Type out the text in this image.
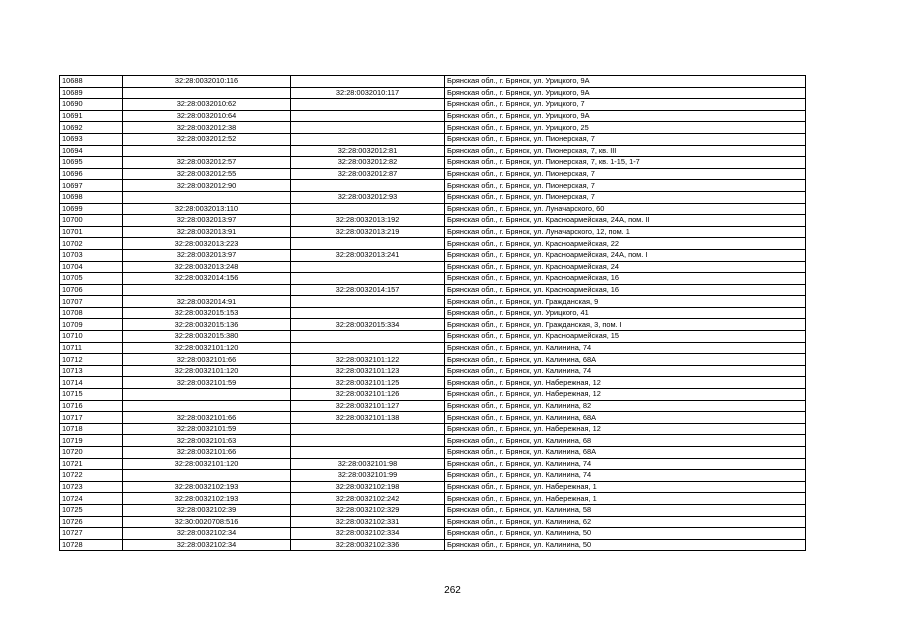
10688	32:28:0032010:116		Брянская обл., г. Брянск, ул. Урицкого, 9А
10689		32:28:0032010:117	Брянская обл., г. Брянск, ул. Урицкого, 9А
10690	32:28:0032010:62		Брянская обл., г. Брянск, ул. Урицкого, 7
10691	32:28:0032010:64		Брянская обл., г. Брянск, ул. Урицкого, 9А
10692	32:28:0032012:38		Брянская обл., г. Брянск, ул. Урицкого, 25
10693	32:28:0032012:52		Брянская обл., г. Брянск, ул. Пионерская, 7
10694		32:28:0032012:81	Брянская обл., г. Брянск, ул. Пионерская, 7, кв. III
10695	32:28:0032012:57	32:28:0032012:82	Брянская обл., г. Брянск, ул. Пионерская, 7, кв. 1-15, 1-7
10696	32:28:0032012:55	32:28:0032012:87	Брянская обл., г. Брянск, ул. Пионерская, 7
10697	32:28:0032012:90		Брянская обл., г. Брянск, ул. Пионерская, 7
10698		32:28:0032012:93	Брянская обл., г. Брянск, ул. Пионерская, 7
10699	32:28:0032013:110		Брянская обл., г. Брянск, ул. Луначарского, 60
10700	32:28:0032013:97	32:28:0032013:192	Брянская обл., г. Брянск, ул. Красноармейская, 24А, пом. II
10701	32:28:0032013:91	32:28:0032013:219	Брянская обл., г. Брянск, ул. Луначарского, 12, пом. 1
10702	32:28:0032013:223		Брянская обл., г. Брянск, ул. Красноармейская, 22
10703	32:28:0032013:97	32:28:0032013:241	Брянская обл., г. Брянск, ул. Красноармейская, 24А, пом. I
10704	32:28:0032013:248		Брянская обл., г. Брянск, ул. Красноармейская, 24
10705	32:28:0032014:156		Брянская обл., г. Брянск, ул. Красноармейская, 16
10706		32:28:0032014:157	Брянская обл., г. Брянск, ул. Красноармейская, 16
10707	32:28:0032014:91		Брянская обл., г. Брянск, ул. Гражданская, 9
10708	32:28:0032015:153		Брянская обл., г. Брянск, ул. Урицкого, 41
10709	32:28:0032015:136	32:28:0032015:334	Брянская обл., г. Брянск, ул. Гражданская, 3, пом. I
10710	32:28:0032015:380		Брянская обл., г. Брянск, ул. Красноармейская, 15
10711	32:28:0032101:120		Брянская обл., г. Брянск, ул. Калинина, 74
10712	32:28:0032101:66	32:28:0032101:122	Брянская обл., г. Брянск, ул. Калинина, 68А
10713	32:28:0032101:120	32:28:0032101:123	Брянская обл., г. Брянск, ул. Калинина, 74
10714	32:28:0032101:59	32:28:0032101:125	Брянская обл., г. Брянск, ул. Набережная, 12
10715		32:28:0032101:126	Брянская обл., г. Брянск, ул. Набережная, 12
10716		32:28:0032101:127	Брянская обл., г. Брянск, ул. Калинина, 82
10717	32:28:0032101:66	32:28:0032101:138	Брянская обл., г. Брянск, ул. Калинина, 68А
10718	32:28:0032101:59		Брянская обл., г. Брянск, ул. Набережная, 12
10719	32:28:0032101:63		Брянская обл., г. Брянск, ул. Калинина, 68
10720	32:28:0032101:66		Брянская обл., г. Брянск, ул. Калинина, 68А
10721	32:28:0032101:120	32:28:0032101:98	Брянская обл., г. Брянск, ул. Калинина, 74
10722		32:28:0032101:99	Брянская обл., г. Брянск, ул. Калинина, 74
10723	32:28:0032102:193	32:28:0032102:198	Брянская обл., г. Брянск, ул. Набережная, 1
10724	32:28:0032102:193	32:28:0032102:242	Брянская обл., г. Брянск, ул. Набережная, 1
10725	32:28:0032102:39	32:28:0032102:329	Брянская обл., г. Брянск, ул. Калинина, 58
10726	32:30:0020708:516	32:28:0032102:331	Брянская обл., г. Брянск, ул. Калинина, 62
10727	32:28:0032102:34	32:28:0032102:334	Брянская обл., г. Брянск, ул. Калинина, 50
10728	32:28:0032102:34	32:28:0032102:336	Брянская обл., г. Брянск, ул. Калинина, 50
262
